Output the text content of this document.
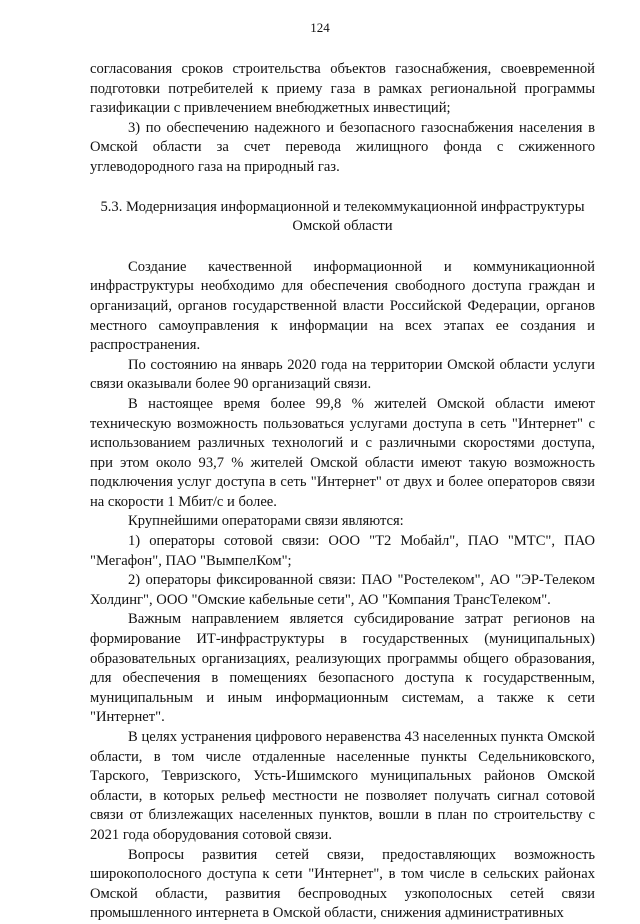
124

согласования сроков строительства объектов газоснабжения, своевременной подготовки потребителей к приему газа в рамках региональной программы газификации с привлечением внебюджетных инвестиций;

3) по обеспечению надежного и безопасного газоснабжения населения в Омской области за счет перевода жилищного фонда с сжиженного углеводородного газа на природный газ.

5.3. Модернизация информационной и телекоммукационной инфраструктуры Омской области

Создание качественной информационной и коммуникационной инфраструктуры необходимо для обеспечения свободного доступа граждан и организаций, органов государственной власти Российской Федерации, органов местного самоуправления к информации на всех этапах ее создания и распространения.

По состоянию на январь 2020 года на территории Омской области услуги связи оказывали более 90 организаций связи.

В настоящее время более 99,8 % жителей Омской области имеют техническую возможность пользоваться услугами доступа в сеть "Интернет" с использованием различных технологий и с различными скоростями доступа, при этом около 93,7 % жителей Омской области имеют такую возможность подключения услуг доступа в сеть "Интернет" от двух и более операторов связи на скорости 1 Мбит/с и более.

Крупнейшими операторами связи являются:

1) операторы сотовой связи: ООО "Т2 Мобайл", ПАО "МТС", ПАО "Мегафон", ПАО "ВымпелКом";

2) операторы фиксированной связи: ПАО "Ростелеком", АО "ЭР-Телеком Холдинг", ООО "Омские кабельные сети", АО "Компания ТрансТелеком".

Важным направлением является субсидирование затрат регионов на формирование ИТ-инфраструктуры в государственных (муниципальных) образовательных организациях, реализующих программы общего образования, для обеспечения в помещениях безопасного доступа к государственным, муниципальным и иным информационным системам, а также к сети "Интернет".

В целях устранения цифрового неравенства 43 населенных пункта Омской области, в том числе отдаленные населенные пункты Седельниковского, Тарского, Тевризского, Усть-Ишимского муниципальных районов Омской области, в которых рельеф местности не позволяет получать сигнал сотовой связи от близлежащих населенных пунктов, вошли в план по строительству с 2021 года оборудования сотовой связи.

Вопросы развития сетей связи, предоставляющих возможность широкополосного доступа к сети "Интернет", в том числе в сельских районах Омской области, развития беспроводных узкополосных сетей связи промышленного интернета в Омской области, снижения административных
